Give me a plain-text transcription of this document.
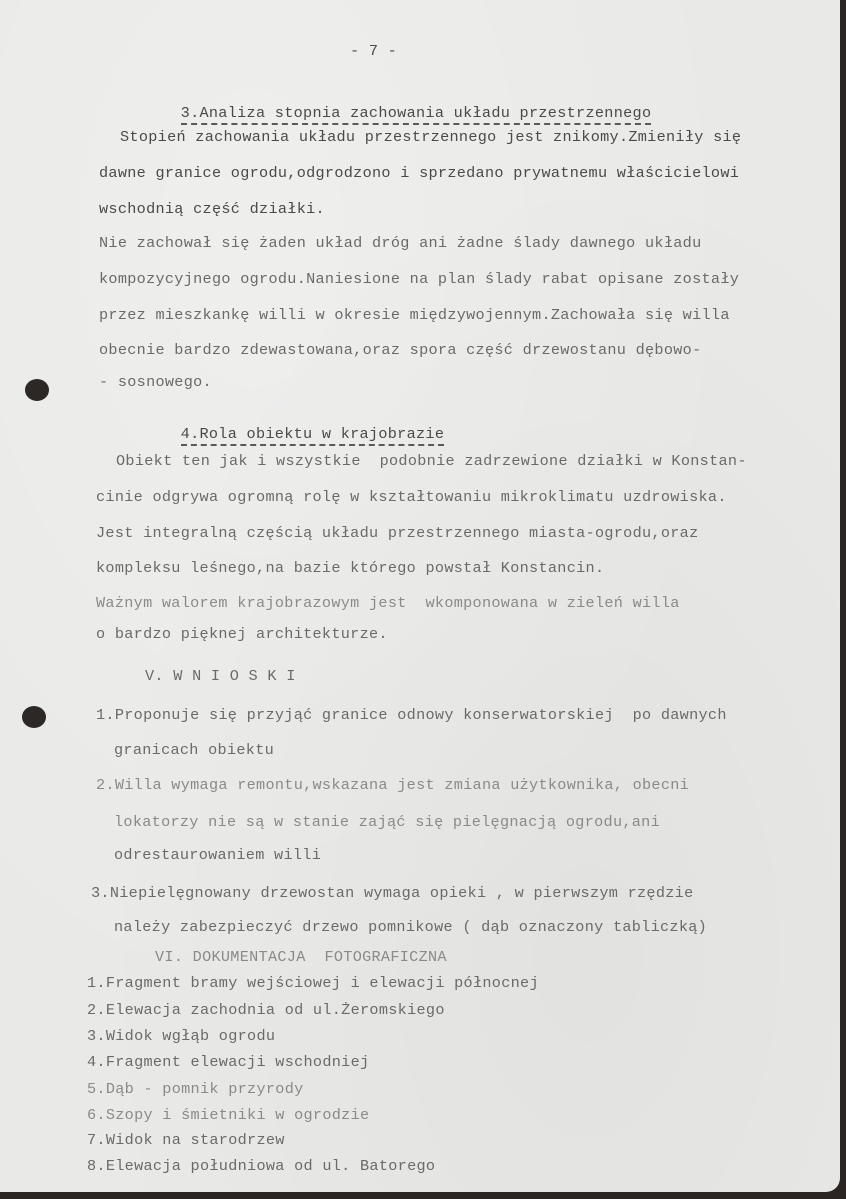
- 7 -

3.Analiza stopnia zachowania układu przestrzennego

Stopień zachowania układu przestrzennego jest znikomy.Zmieniły się
dawne granice ogrodu,odgrodzono i sprzedano prywatnemu właścicielowi
wschodnią część działki.
Nie zachował się żaden układ dróg ani żadne ślady dawnego układu
kompozycyjnego ogrodu.Naniesione na plan ślady rabat opisane zostały
przez mieszkankę willi w okresie międzywojennym.Zachowała się willa
obecnie bardzo zdewastowana,oraz spora część drzewostanu dębowo-
- sosnowego.

4.Rola obiektu w krajobrazie

Obiekt ten jak i wszystkie  podobnie zadrzewione działki w Konstan-
cinie odgrywa ogromną rolę w kształtowaniu mikroklimatu uzdrowiska.
Jest integralną częścią układu przestrzennego miasta-ogrodu,oraz
kompleksu leśnego,na bazie którego powstał Konstancin.
Ważnym walorem krajobrazowym jest  wkomponowana w zieleń willa
o bardzo pięknej architekturze.
V. W N I O S K I
1.Proponuje się przyjąć granice odnowy konserwatorskiej  po dawnych
granicach obiektu
2.Willa wymaga remontu,wskazana jest zmiana użytkownika, obecni
lokatorzy nie są w stanie zająć się pielęgnacją ogrodu,ani
odrestaurowaniem willi
3.Niepielęgnowany drzewostan wymaga opieki , w pierwszym rzędzie
należy zabezpieczyć drzewo pomnikowe ( dąb oznaczony tabliczką)
VI. DOKUMENTACJA  FOTOGRAFICZNA
1.Fragment bramy wejściowej i elewacji północnej
2.Elewacja zachodnia od ul.Żeromskiego
3.Widok wgłąb ogrodu
4.Fragment elewacji wschodniej
5.Dąb - pomnik przyrody
6.Szopy i śmietniki w ogrodzie
7.Widok na starodrzew
8.Elewacja południowa od ul. Batorego
